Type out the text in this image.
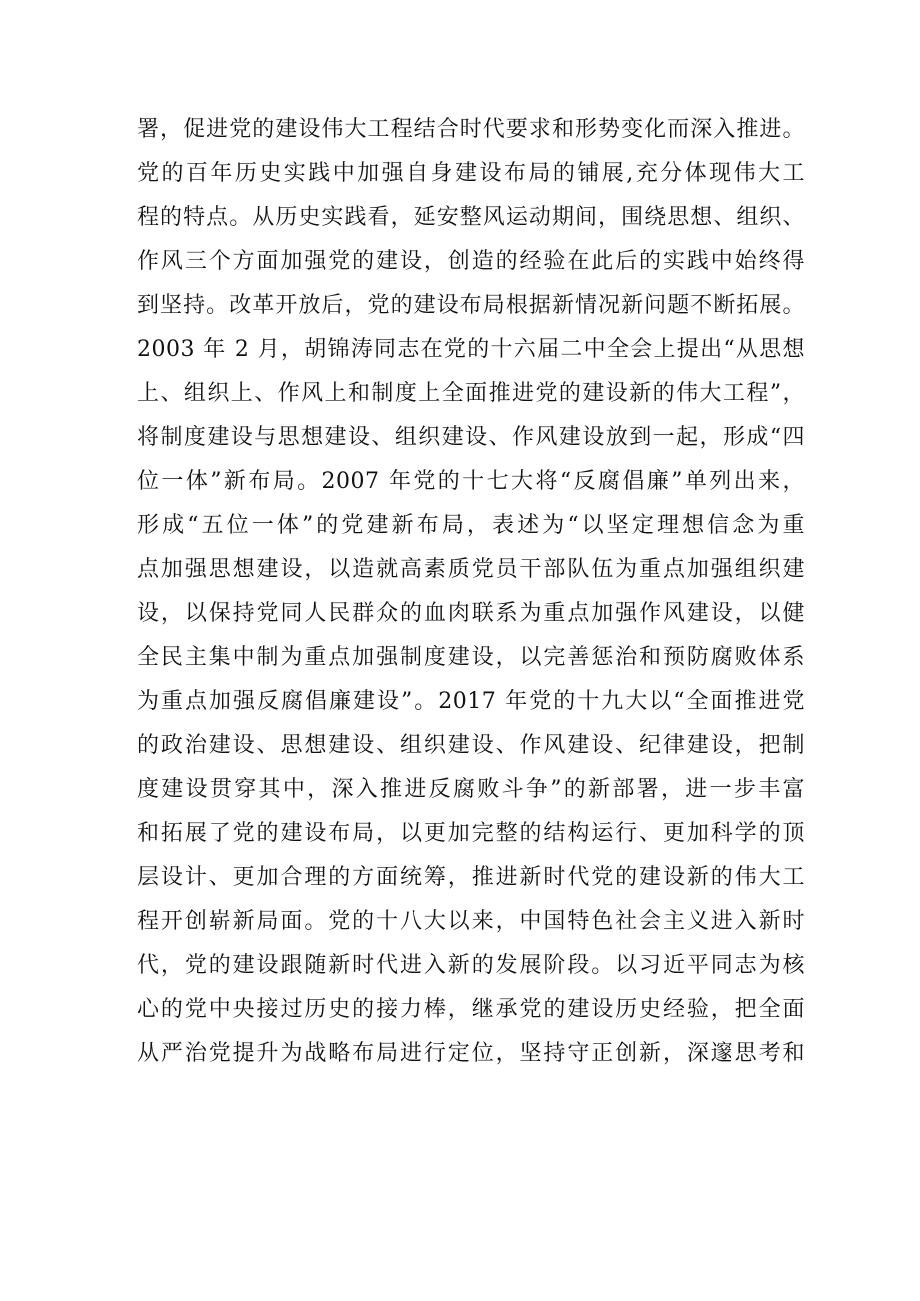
署，促进党的建设伟大工程结合时代要求和形势变化而深入推进。
党的百年历史实践中加强自身建设布局的铺展,充分体现伟大工
程的特点。从历史实践看，延安整风运动期间，围绕思想、组织、
作风三个方面加强党的建设，创造的经验在此后的实践中始终得
到坚持。改革开放后，党的建设布局根据新情况新问题不断拓展。
2003 年 2 月，胡锦涛同志在党的十六届二中全会上提出“从思想
上、组织上、作风上和制度上全面推进党的建设新的伟大工程”，
将制度建设与思想建设、组织建设、作风建设放到一起，形成“四
位一体”新布局。2007 年党的十七大将“反腐倡廉”单列出来，
形成“五位一体”的党建新布局，表述为“以坚定理想信念为重
点加强思想建设，以造就高素质党员干部队伍为重点加强组织建
设，以保持党同人民群众的血肉联系为重点加强作风建设，以健
全民主集中制为重点加强制度建设，以完善惩治和预防腐败体系
为重点加强反腐倡廉建设”。2017 年党的十九大以“全面推进党
的政治建设、思想建设、组织建设、作风建设、纪律建设，把制
度建设贯穿其中，深入推进反腐败斗争”的新部署，进一步丰富
和拓展了党的建设布局，以更加完整的结构运行、更加科学的顶
层设计、更加合理的方面统筹，推进新时代党的建设新的伟大工
程开创崭新局面。党的十八大以来，中国特色社会主义进入新时
代，党的建设跟随新时代进入新的发展阶段。以习近平同志为核
心的党中央接过历史的接力棒，继承党的建设历史经验，把全面
从严治党提升为战略布局进行定位，坚持守正创新，深邃思考和
